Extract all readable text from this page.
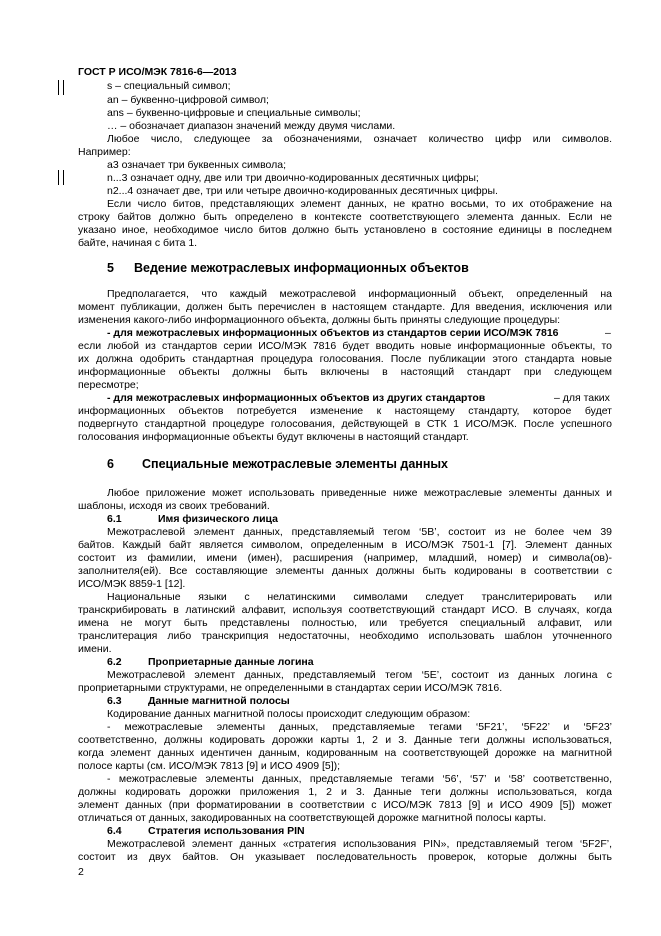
ГОСТ Р ИСО/МЭК 7816-6—2013
s – специальный символ;
an – буквенно-цифровой символ;
ans – буквенно-цифровые и специальные символы;
… – обозначает диапазон значений между двумя числами.
Любое число, следующее за обозначениями, означает количество цифр или символов.
Например:
а3 означает три буквенных символа;
n...3 означает одну, две или три двоично-кодированных десятичных цифры;
n2...4 означает две, три или четыре двоично-кодированных десятичных цифры.
Если число битов, представляющих элемент данных, не кратно восьми, то их отображение на
строку байтов должно быть определено в контексте соответствующего элемента данных. Если не
указано иное, необходимое число битов должно быть установлено в состояние единицы в последнем
байте, начиная с бита 1.
5 Ведение межотраслевых информационных объектов
Предполагается, что каждый межотраслевой информационный объект, определенный на
момент публикации, должен быть перечислен в настоящем стандарте. Для введения, исключения или
изменения какого-либо информационного объекта, должны быть приняты следующие процедуры:
- для межотраслевых информационных объектов из стандартов серии ИСО/МЭК 7816	–
если любой из стандартов серии ИСО/МЭК 7816 будет вводить новые информационные объекты, то
их должна одобрить стандартная процедура голосования. После публикации этого стандарта новые
информационные объекты должны быть включены в настоящий стандарт при следующем
пересмотре;
- для межотраслевых информационных объектов из других стандартов	– для таких
информационных объектов потребуется изменение к настоящему стандарту, которое будет
подвергнуто стандартной процедуре голосования, действующей в СТК 1 ИСО/МЭК. После успешного
голосования информационные объекты будут включены в настоящий стандарт.
6 Специальные межотраслевые элементы данных
Любое приложение может использовать приведенные ниже межотраслевые элементы данных и
шаблоны, исходя из своих требований.
6.1	Имя физического лица
Межотраслевой элемент данных, представляемый тегом ‘5B’, состоит из не более чем 39
байтов. Каждый байт является символом, определенным в ИСО/МЭК 7501-1 [7]. Элемент данных
состоит из фамилии, имени (имен), расширения (например, младший, номер) и символа(ов)-
заполнителя(ей). Все составляющие элементы данных должны быть кодированы в соответствии с
ИСО/МЭК 8859-1 [12].
Национальные языки с нелатинскими символами следует транслитерировать или
транскрибировать в латинский алфавит, используя соответствующий стандарт ИСО. В случаях, когда
имена не могут быть представлены полностью, или требуется специальный алфавит, или
транслитерация либо транскрипция недостаточны, необходимо использовать шаблон уточненного
имени.
6.2	Проприетарные данные логина
Межотраслевой элемент данных, представляемый тегом ‘5E’, состоит из данных логина с
проприетарными структурами, не определенными в стандартах серии ИСО/МЭК 7816.
6.3	Данные магнитной полосы
Кодирование данных магнитной полосы происходит следующим образом:
- межотраслевые элементы данных, представляемые тегами ‘5F21’, ‘5F22’ и ‘5F23’
соответственно, должны кодировать дорожки карты 1, 2 и 3. Данные теги должны использоваться,
когда элемент данных идентичен данным, кодированным на соответствующей дорожке на магнитной
полосе карты (см. ИСО/МЭК 7813 [9] и ИСО 4909 [5]);
- межотраслевые элементы данных, представляемые тегами ‘56’, ‘57’ и ‘58’ соответственно,
должны кодировать дорожки приложения 1, 2 и 3. Данные теги должны использоваться, когда
элемент данных (при форматировании в соответствии с ИСО/МЭК 7813 [9] и ИСО 4909 [5]) может
отличаться от данных, закодированных на соответствующей дорожке магнитной полосы карты.
6.4	Стратегия использования PIN
Межотраслевой элемент данных «стратегия использования PIN», представляемый тегом ‘5F2F’,
состоит из двух байтов. Он указывает последовательность проверок, которые должны быть
2
